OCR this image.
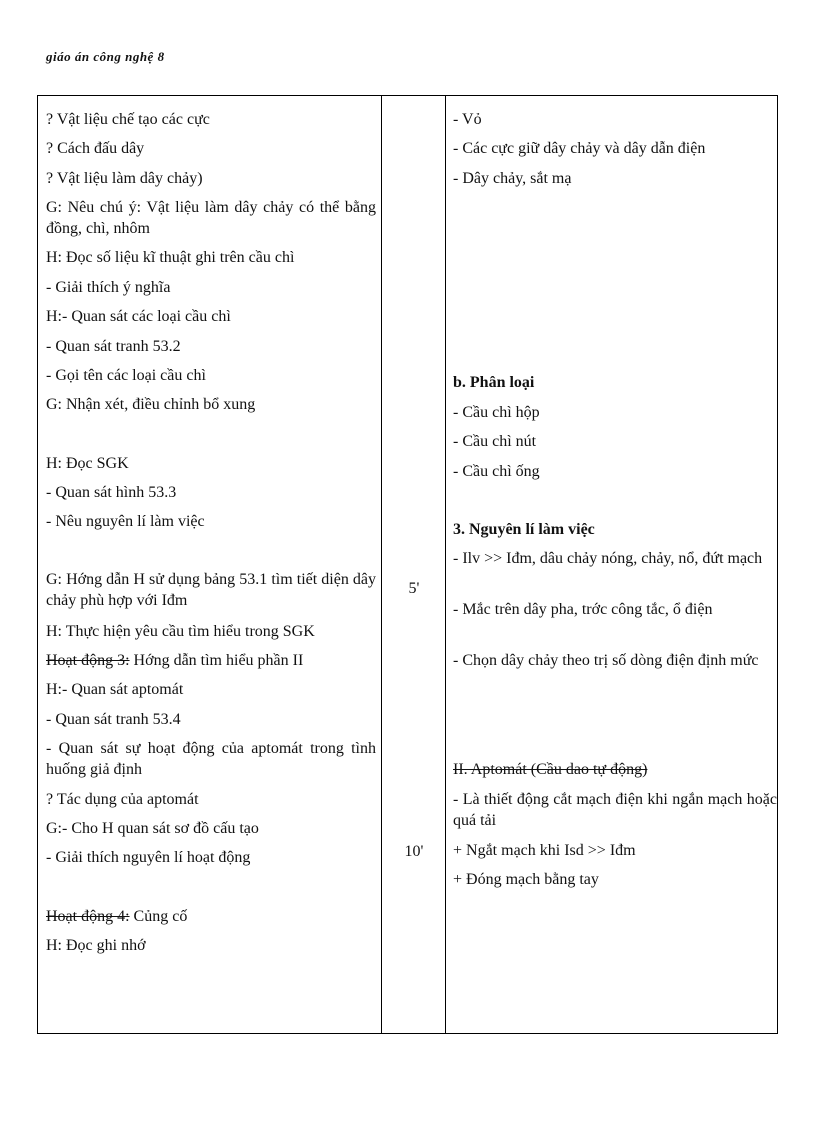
giáo án công nghệ 8
? Vật liệu chế tạo các cực
? Cách đấu dây
? Vật liệu làm dây chảy)
G: Nêu chú ý: Vật liệu làm dây chảy có thể bằng đồng, chì, nhôm
H: Đọc số liệu kĩ thuật ghi trên cầu chì
- Giải thích ý nghĩa
H:- Quan sát các loại cầu chì
- Quan sát tranh 53.2
- Gọi tên các loại cầu chì
G: Nhận xét, điều chỉnh bổ xung
H: Đọc SGK
- Quan sát hình 53.3
- Nêu nguyên lí làm việc
G: Hớng dẫn H sử dụng bảng 53.1 tìm tiết diện dây chảy phù hợp với Iđm
H: Thực hiện yêu cầu tìm hiểu trong SGK
Hoạt động 3: Hớng dẫn tìm hiểu phần II
H:- Quan sát aptomát
- Quan sát tranh 53.4
- Quan sát sự hoạt động của aptomát trong tình huống giả định
? Tác dụng của aptomát
G:- Cho H quan sát sơ đồ cấu tạo
- Giải thích nguyên lí hoạt động
Hoạt động 4: Củng cố
H: Đọc ghi nhớ
5'
10'
- Vỏ
- Các cực giữ dây chảy và dây dẫn điện
- Dây chảy, sắt mạ
b. Phân loại
- Cầu chì hộp
- Cầu chì nút
- Cầu chì ống
3. Nguyên lí làm việc
- Ilv >> Iđm, dâu chảy nóng, chảy, nổ, đứt mạch
- Mắc trên dây pha, trớc công tắc, ổ điện
- Chọn dây chảy theo trị số dòng điện định mức
II. Aptomát (Cầu dao tự động)
- Là thiết động cắt mạch điện khi ngắn mạch hoặc quá tải
+ Ngắt mạch khi Isd >> Iđm
+ Đóng mạch bằng tay
